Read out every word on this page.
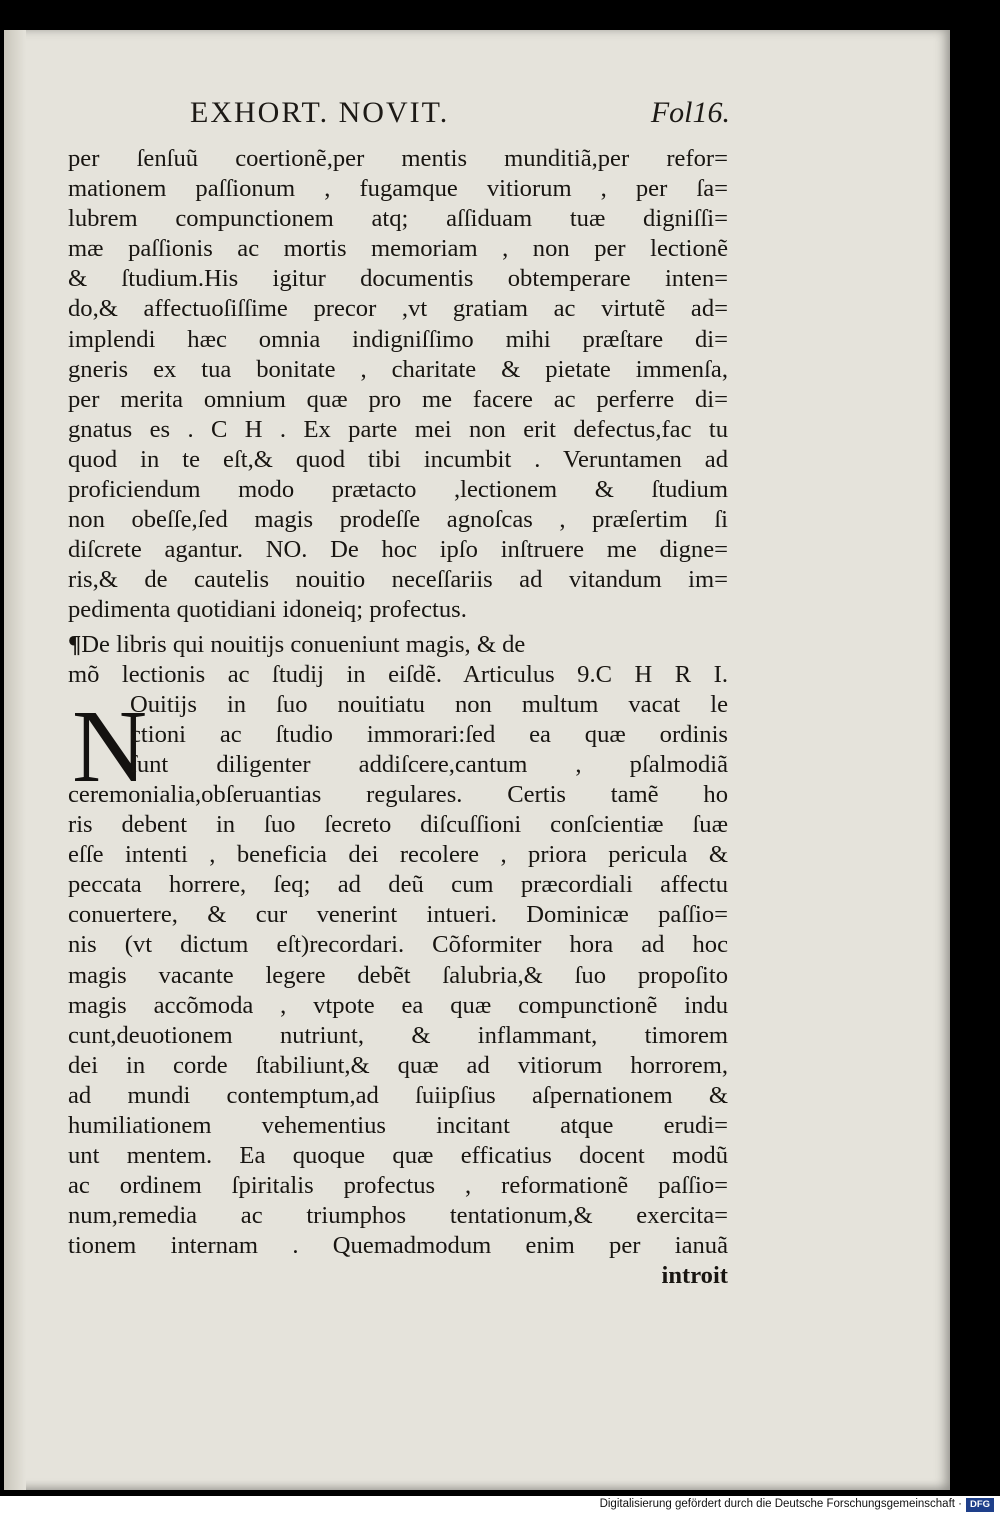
EXHORT. NOVIT.	Fol16.
N
per ſenſuũ coertionẽ,per mentis munditiã,per refor=
mationem paſſionum , fugamque vitiorum , per ſa=
lubrem compunctionem atq; aſſiduam tuæ digniſſi=
mæ paſſionis ac mortis memoriam , non per lectionẽ
& ſtudium.His igitur documentis obtemperare inten=
do,& affectuoſiſſime precor ,vt gratiam ac virtutẽ ad=
implendi hæc omnia indigniſſimo mihi præſtare di=
gneris ex tua bonitate , charitate & pietate immenſa,
per merita omnium quæ pro me facere ac perferre di=
gnatus es . C H . Ex parte mei non erit defectus,fac tu
quod in te eſt,& quod tibi incumbit . Veruntamen ad
proficiendum modo prætacto ,lectionem & ſtudium
non obeſſe,ſed magis prodeſſe agnoſcas , præſertim ſi
diſcrete agantur. NO. De hoc ipſo inſtruere me digne=
ris,& de cautelis nouitio neceſſariis ad vitandum im=
pedimenta quotidiani idoneiq; profectus.
¶De libris qui nouitijs conueniunt magis, & de
mõ lectionis ac ſtudij in eiſdẽ. Articulus 9.C H R I.
Ouitijs in ſuo nouitiatu non multum vacat le
ctioni ac ſtudio immorari:ſed ea quæ ordinis
ſunt diligenter addiſcere,cantum , pſalmodiã
ceremonialia,obſeruantias regulares. Certis tamẽ ho
ris debent in ſuo ſecreto diſcuſſioni conſcientiæ ſuæ
eſſe intenti , beneficia dei recolere , priora pericula &
peccata horrere, ſeq; ad deũ cum præcordiali affectu
conuertere, & cur venerint intueri. Dominicæ paſſio=
nis (vt dictum eſt)recordari. Cõformiter hora ad hoc
magis vacante legere debẽt ſalubria,& ſuo propoſito
magis accõmoda , vtpote ea quæ compunctionẽ indu
cunt,deuotionem nutriunt, & inflammant, timorem
dei in corde ſtabiliunt,& quæ ad vitiorum horrorem,
ad mundi contemptum,ad ſuiipſius aſpernationem &
humiliationem vehementius incitant atque erudi=
unt mentem. Ea quoque quæ efficatius docent modũ
ac ordinem ſpiritalis profectus , reformationẽ paſſio=
num,remedia ac triumphos tentationum,& exercita=
tionem internam . Quemadmodum enim per ianuã
introit
Digitalisierung gefördert durch die Deutsche Forschungsgemeinschaft · DFG
